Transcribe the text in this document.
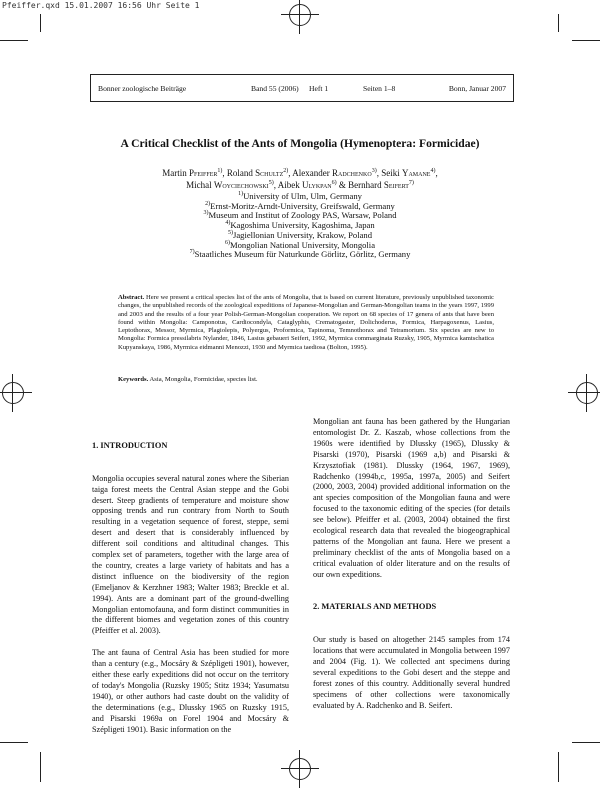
Pfeiffer.qxd 15.01.2007 16:56 Uhr Seite 1
Bonner zoologische Beiträge	Band 55 (2006) Heft 1	Seiten 1–8	Bonn, Januar 2007
A Critical Checklist of the Ants of Mongolia (Hymenoptera: Formicidae)
Martin Pfeiffer$^{1)}$, Roland Schultz$^{2)}$, Alexander Radchenko$^{3)}$, Seiki Yamane$^{4)}$,
Michal Woyciechowski$^{5)}$, Aibek Ulykpan$^{6)}$ & Bernhard Seifert$^{7)}$
$^{1)}$University of Ulm, Ulm, Germany
$^{2)}$Ernst-Moritz-Arndt-University, Greifswald, Germany
$^{3)}$Museum and Institut of Zoology PAS, Warsaw, Poland
$^{4)}$Kagoshima University, Kagoshima, Japan
$^{5)}$Jagiellonian University, Krakow, Poland
$^{6)}$Mongolian National University, Mongolia
$^{7)}$Staatliches Museum für Naturkunde Görlitz, Görlitz, Germany
Abstract. Here we present a critical species list of the ants of Mongolia, that is based on current literature, previously unpublished taxonomic changes, the unpublished records of the zoological expeditions of Japanese-Mongolian and German-Mongolian teams in the years 1997, 1999 and 2003 and the results of a four year Polish-German-Mongolian cooperation. We report on 68 species of 17 genera of ants that have been found within Mongolia: Camponotus, Cardiocondyla, Cataglyphis, Crematogaster, Dolichoderus, Formica, Harpagoxenus, Lasius, Leptothorax, Messor, Myrmica, Plagiolepis, Polyergus, Proformica, Tapinoma, Temnothorax and Tetramorium. Six species are new to Mongolia: Formica pressilabris Nylander, 1846, Lasius gebaueri Seifert, 1992, Myrmica commarginata Ruzsky, 1905, Myrmica kamtschatica Kupyanskaya, 1986, Myrmica eidmanni Menozzi, 1930 and Myrmica taediosa (Bolton, 1995).
Keywords. Asia, Mongolia, Formicidae, species list.
1. INTRODUCTION

Mongolia occupies several natural zones where the Siberian taiga forest meets the Central Asian steppe and the Gobi desert. Steep gradients of temperature and moisture show opposing trends and run contrary from North to South resulting in a vegetation sequence of forest, steppe, semi desert and desert that is considerably influenced by different soil conditions and altitudinal changes. This complex set of parameters, together with the large area of the country, creates a large variety of habitats and has a distinct influence on the biodiversity of the region (Emeljanov & Kerzhner 1983; Walter 1983; Breckle et al. 1994). Ants are a dominant part of the ground-dwelling Mongolian entomofauna, and form distinct communities in the different biomes and vegetation zones of this country (Pfeiffer et al. 2003).

The ant fauna of Central Asia has been studied for more than a century (e.g., Mocsáry & Szépligeti 1901), however, either these early expeditions did not occur on the territory of today's Mongolia (Ruzsky 1905; Stitz 1934; Yasumatsu 1940), or other authors had caste doubt on the validity of the determinations (e.g., Dlussky 1965 on Ruzsky 1915, and Pisarski 1969a on Forel 1904 and Mocsáry & Szépligeti 1901). Basic information on the

Mongolian ant fauna has been gathered by the Hungarian entomologist Dr. Z. Kaszab, whose collections from the 1960s were identified by Dlussky (1965), Dlussky & Pisarski (1970), Pisarski (1969 a,b) and Pisarski & Krzysztofiak (1981). Dlussky (1964, 1967, 1969), Radchenko (1994b,c, 1995a, 1997a, 2005) and Seifert (2000, 2003, 2004) provided additional information on the ant species composition of the Mongolian fauna and were focused to the taxonomic editing of the species (for details see below). Pfeiffer et al. (2003, 2004) obtained the first ecological research data that revealed the biogeographical patterns of the Mongolian ant fauna. Here we present a preliminary checklist of the ants of Mongolia based on a critical evaluation of older literature and on the results of our own expeditions.

2. MATERIALS AND METHODS

Our study is based on altogether 2145 samples from 174 locations that were accumulated in Mongolia between 1997 and 2004 (Fig. 1). We collected ant specimens during several expeditions to the Gobi desert and the steppe and forest zones of this country. Additionally several hundred specimens of other collections were taxonomically evaluated by A. Radchenko and B. Seifert.
